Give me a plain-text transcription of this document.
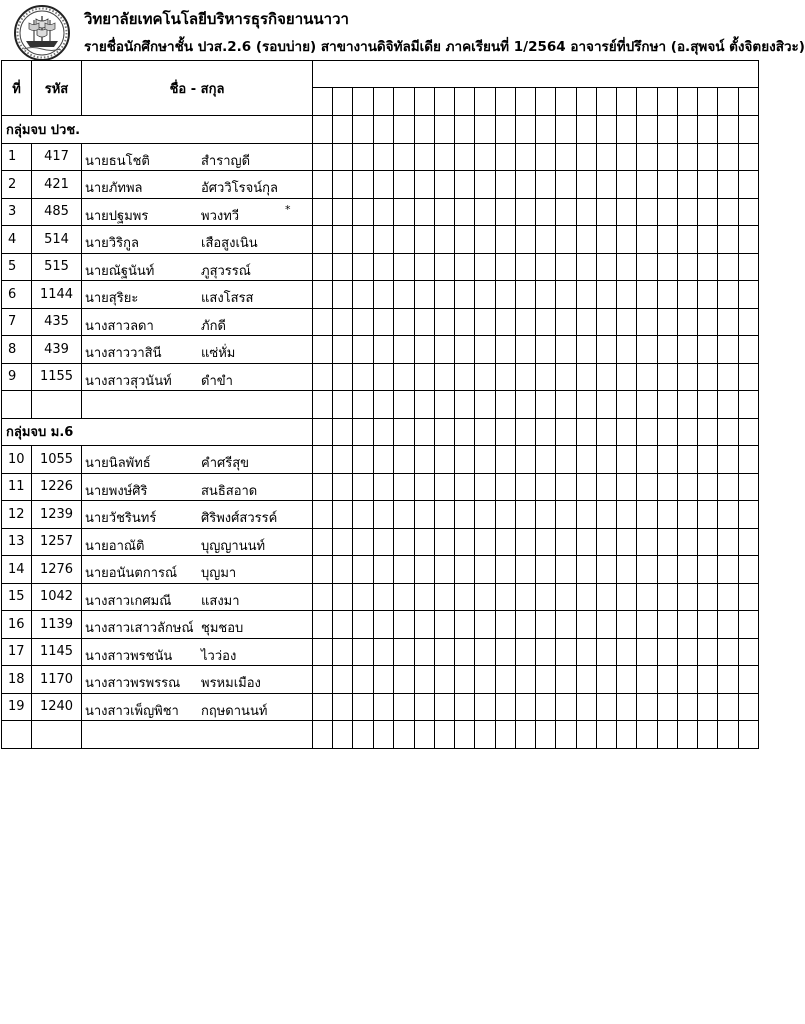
วิทยาลัยเทคโนโลยีบริหารธุรกิจยานนาวา
รายชื่อนักศึกษาชั้น ปวส.2.6 (รอบบ่าย) สาขางานดิจิทัลมีเดีย ภาคเรียนที่ 1/2564 อาจารย์ที่ปรึกษา (อ.สุพจน์ ตั้งจิตยงสิวะ)
ที่	รหัส	ชื่อ - สกุล																						

กลุ่มจบ ปวช.																								
1	417	นายธนโชติ สำราญดี																						

2	421	นายภัทพล อัศววิโรจน์กุล																						

3	485	นายปฐมพร พวงทวี *																						

4	514	นายวิริกูล เสือสูงเนิน																						

5	515	นายณัฐนันท์ ภูสุวรรณ์																						

6	1144	นายสุริยะ แสงโสรส																						

7	435	นางสาวลดา ภักดี																						

8	439	นางสาววาสินี แซ่หั่ม																						

9	1155	นางสาวสุวนันท์ ดำขำ																						

กลุ่มจบ ม.6																								
10	1055	นายนิลพัทธ์ คำศรีสุข																						

11	1226	นายพงษ์ศิริ สนธิสอาด																						

12	1239	นายวัชรินทร์ ศิริพงศ์สวรรค์																						

13	1257	นายอาณัติ บุญญานนท์																						

14	1276	นายอนันตการณ์ บุญมา																						

15	1042	นางสาวเกศมณี แสงมา																						

16	1139	นางสาวเสาวลักษณ์ ชุมชอบ																						

17	1145	นางสาวพรชนัน ไวว่อง																						

18	1170	นางสาวพรพรรณ พรหมเมือง																						

19	1240	นางสาวเพ็ญพิชา กฤษดานนท์																						
